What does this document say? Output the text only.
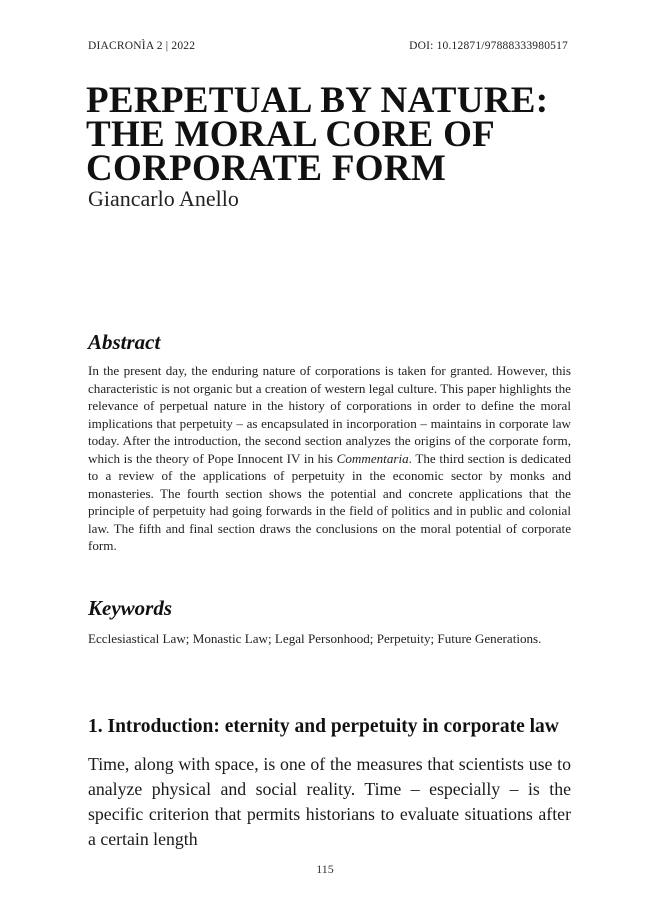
DIACRONÌA 2 | 2022	DOI: 10.12871/97888333980517
PERPETUAL BY NATURE:
THE MORAL CORE OF
CORPORATE FORM
Giancarlo Anello
Abstract

In the present day, the enduring nature of corporations is taken for granted. However, this characteristic is not organic but a creation of western legal culture. This paper highlights the relevance of perpetual nature in the history of corporations in order to define the moral implications that perpetuity – as encapsulated in incorporation – maintains in corporate law today. After the introduction, the second section analyzes the origins of the corporate form, which is the theory of Pope Innocent IV in his Commentaria. The third section is dedicated to a review of the applications of perpetuity in the economic sector by monks and monasteries. The fourth section shows the potential and concrete applications that the principle of perpetuity had going forwards in the field of politics and in public and colonial law. The fifth and final section draws the conclusions on the moral potential of corporate form.

Keywords

Ecclesiastical Law; Monastic Law; Legal Personhood; Perpetuity; Future Generations.

1. Introduction: eternity and perpetuity in corporate law

Time, along with space, is one of the measures that scientists use to analyze physical and social reality. Time – especially – is the specific criterion that permits historians to evaluate situations after a certain length

115
